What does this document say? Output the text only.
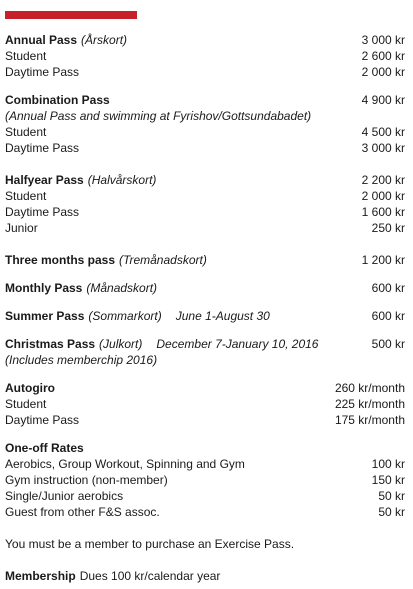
Annual Pass (Årskort)	3 000 kr
Student	2 600 kr
Daytime Pass	2 000 kr
Combination Pass	4 900 kr
(Annual Pass and swimming at Fyrishov/Gottsundabadet)
Student	4 500 kr
Daytime Pass	3 000 kr
Halfyear Pass (Halvårskort)	2 200 kr
Student	2 000 kr
Daytime Pass	1 600 kr
Junior	250 kr
Three months pass (Tremånadskort)	1 200 kr
Monthly Pass (Månadskort)	600 kr
Summer Pass (Sommarkort) June 1-August 30	600 kr
Christmas Pass (Julkort) December 7-January 10, 2016	500 kr
(Includes memberchip 2016)
Autogiro	260 kr/month
Student	225 kr/month
Daytime Pass	175 kr/month
One-off Rates
Aerobics, Group Workout, Spinning and Gym	100 kr
Gym instruction (non-member)	150 kr
Single/Junior aerobics	50 kr
Guest from other F&S assoc.	50 kr
You must be a member to purchase an Exercise Pass.
Membership Dues 100 kr/calendar year
